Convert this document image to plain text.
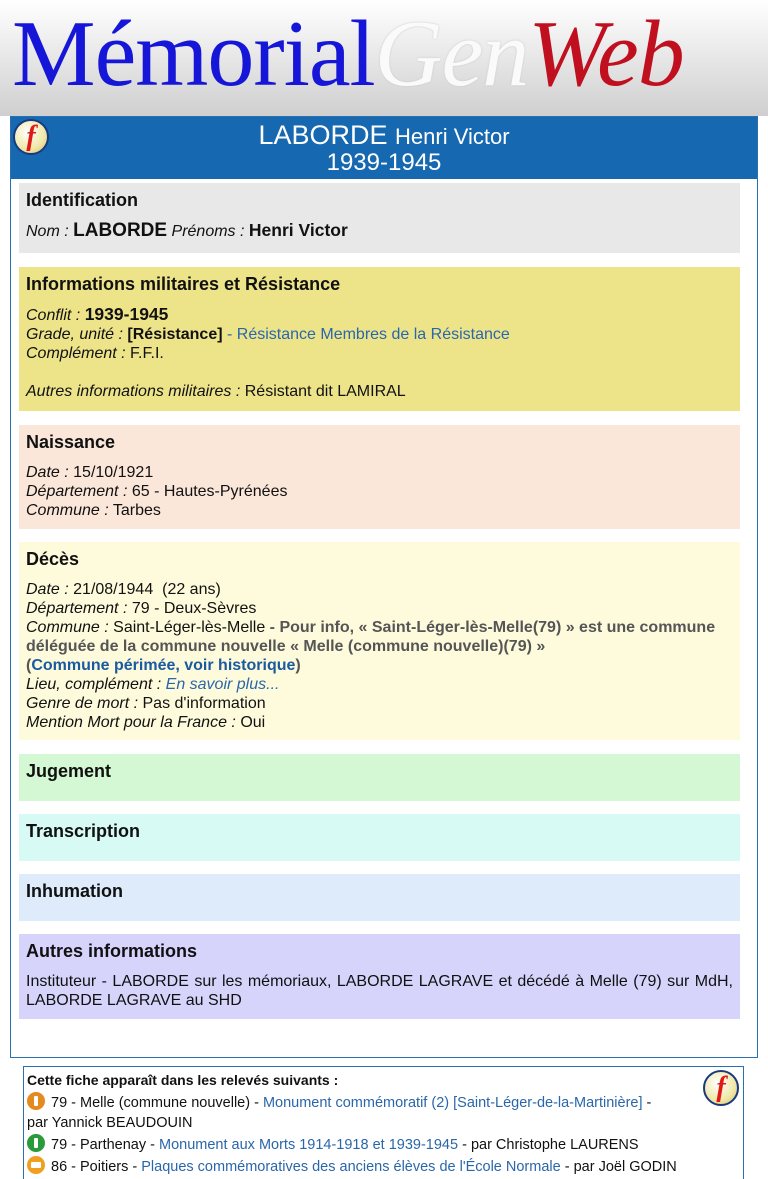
MémorialGenWeb
f	LABORDE Henri Victor
1939-1945
Identification
Nom : LABORDE Prénoms : Henri Victor
Informations militaires et Résistance
Conflit : 1939-1945
Grade, unité : [Résistance] - Résistance Membres de la Résistance
Complément : F.F.I.
Autres informations militaires : Résistant dit LAMIRAL
Naissance
Date : 15/10/1921
Département : 65 - Hautes-Pyrénées
Commune : Tarbes
Décès
Date : 21/08/1944  (22 ans)
Département : 79 - Deux-Sèvres
Commune : Saint-Léger-lès-Melle - Pour info, « Saint-Léger-lès-Melle(79) » est une commune déléguée de la commune nouvelle « Melle (commune nouvelle)(79) »
(Commune périmée, voir historique)
Lieu, complément : En savoir plus...
Genre de mort : Pas d'information
Mention Mort pour la France : Oui
Jugement
Transcription
Inhumation
Autres informations
Instituteur - LABORDE sur les mémoriaux, LABORDE LAGRAVE et décédé à Melle (79) sur MdH, LABORDE LAGRAVE au SHD
Cette fiche apparaît dans les relevés suivants :	f
79 - Melle (commune nouvelle) - Monument commémoratif (2) [Saint-Léger-de-la-Martinière] -
par Yannick BEAUDOUIN
79 - Parthenay - Monument aux Morts 1914-1918 et 1939-1945 - par Christophe LAURENS
86 - Poitiers - Plaques commémoratives des anciens élèves de l'École Normale - par Joël GODIN
